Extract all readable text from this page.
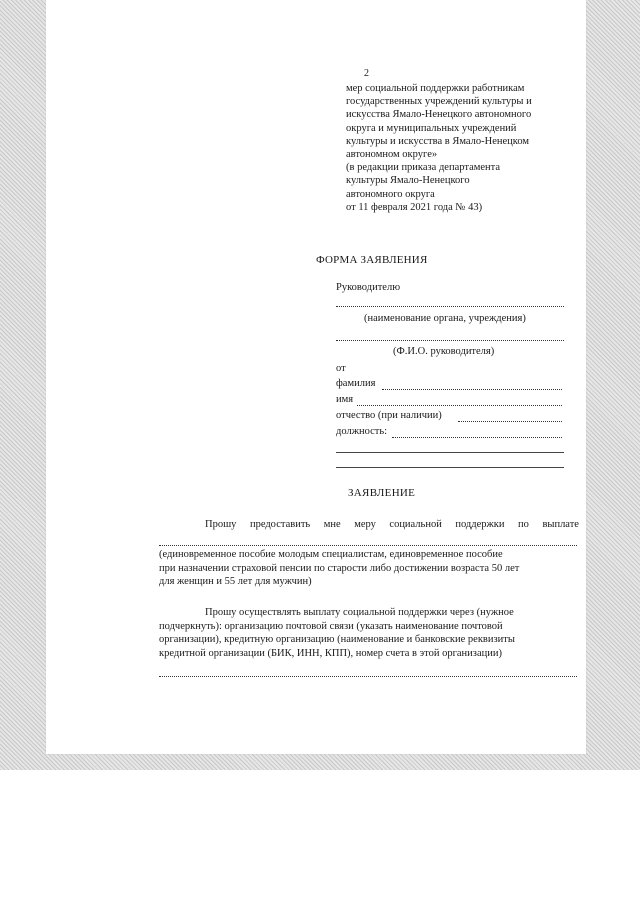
2
мер социальной поддержки работникам
государственных учреждений культуры и
искусства Ямало-Ненецкого автономного
округа и муниципальных учреждений
культуры и искусства в Ямало-Ненецком
автономном округе»
(в редакции приказа департамента
культуры Ямало-Ненецкого
автономного округа
от 11 февраля 2021 года № 43)
ФОРМА ЗАЯВЛЕНИЯ
Руководителю
(наименование органа, учреждения)
(Ф.И.О. руководителя)
от
фамилия
имя
отчество (при наличии)
должность:
ЗАЯВЛЕНИЕ
Прошу предоставить мне меру социальной поддержки по выплате
(единовременное пособие молодым специалистам, единовременное пособие
при назначении страховой пенсии по старости либо достижении возраста 50 лет
для женщин и 55 лет для мужчин)
Прошу осуществлять выплату социальной поддержки через (нужное
подчеркнуть): организацию почтовой связи (указать наименование почтовой
организации), кредитную организацию (наименование и банковские реквизиты
кредитной организации (БИК, ИНН, КПП), номер счета в этой организации)
